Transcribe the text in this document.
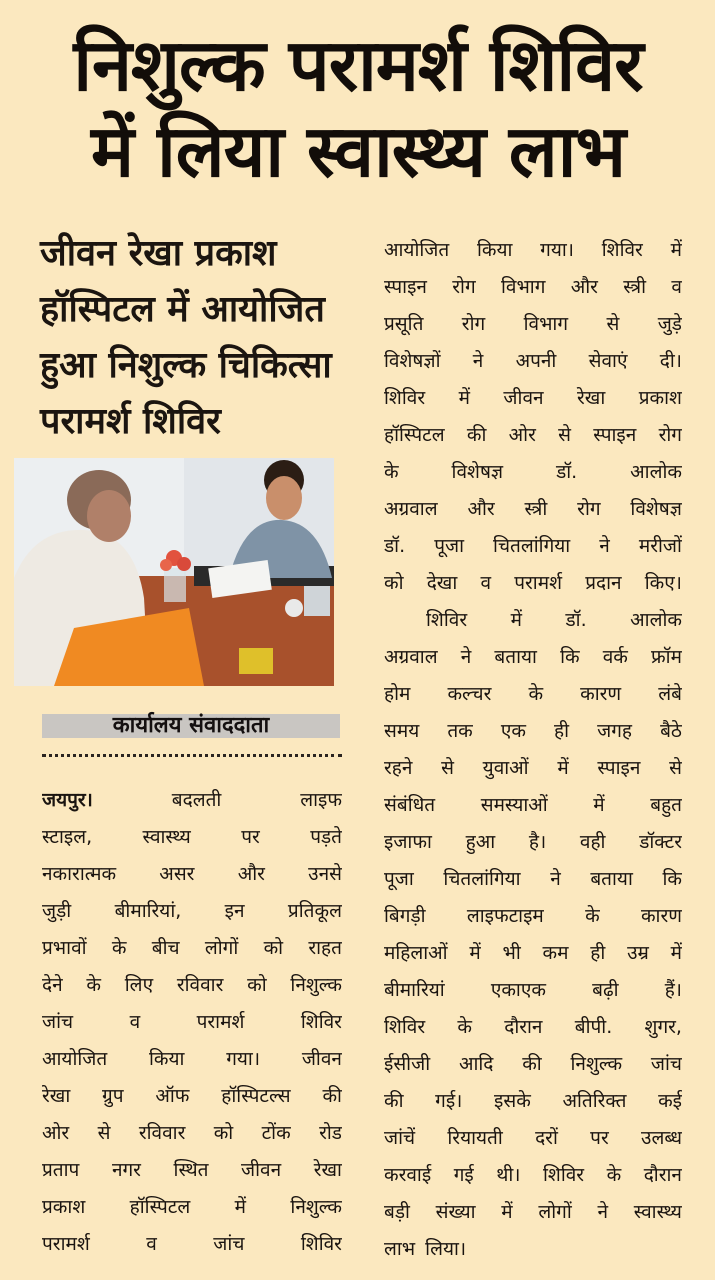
निशुल्क परामर्श शिविर
में लिया स्वास्थ्य लाभ
जीवन रेखा प्रकाश
हॉस्पिटल में आयोजित
हुआ निशुल्क चिकित्सा
परामर्श शिविर
कार्यालय संवाददाता
जयपुर।	बदलती	लाइफ
स्टाइल,	स्वास्थ्य	पर	पड़ते
नकारात्मक असर और उनसे
जुड़ी बीमारियां, इन प्रतिकूल
प्रभावों के बीच लोगों को राहत
देने के लिए रविवार को निशुल्क
जांच	व	परामर्श	शिविर
आयोजित किया गया। जीवन
रेखा ग्रुप ऑफ हॉस्पिटल्स की
ओर से रविवार को टोंक रोड
प्रताप नगर स्थित जीवन रेखा
प्रकाश हॉस्पिटल में निशुल्क
परामर्श	व	जांच	शिविर
आयोजित किया गया। शिविर में
स्पाइन रोग विभाग और स्त्री व
प्रसूति रोग विभाग से जुड़े
विशेषज्ञों ने अपनी सेवाएं दी।
शिविर में जीवन रेखा प्रकाश
हॉस्पिटल की ओर से स्पाइन रोग
के	विशेषज्ञ	डॉ.	आलोक
अग्रवाल और स्त्री रोग विशेषज्ञ
डॉ. पूजा चितलांगिया ने मरीजों
को देखा व परामर्श प्रदान किए।
शिविर में डॉ. आलोक
अग्रवाल ने बताया कि वर्क फ्रॉम
होम कल्चर के कारण लंबे
समय तक एक ही जगह बैठे
रहने से युवाओं में स्पाइन से
संबंधित समस्याओं में बहुत
इजाफा हुआ है। वही डॉक्टर
पूजा चितलांगिया ने बताया कि
बिगड़ी लाइफटाइम के कारण
महिलाओं में भी कम ही उम्र में
बीमारियां एकाएक बढ़ी हैं।
शिविर के दौरान बीपी. शुगर,
ईसीजी आदि की निशुल्क जांच
की गई। इसके अतिरिक्त कई
जांचें रियायती दरों पर उलब्ध
करवाई गई थी। शिविर के दौरान
बड़ी संख्या में लोगों ने स्वास्थ्य
लाभ लिया।
